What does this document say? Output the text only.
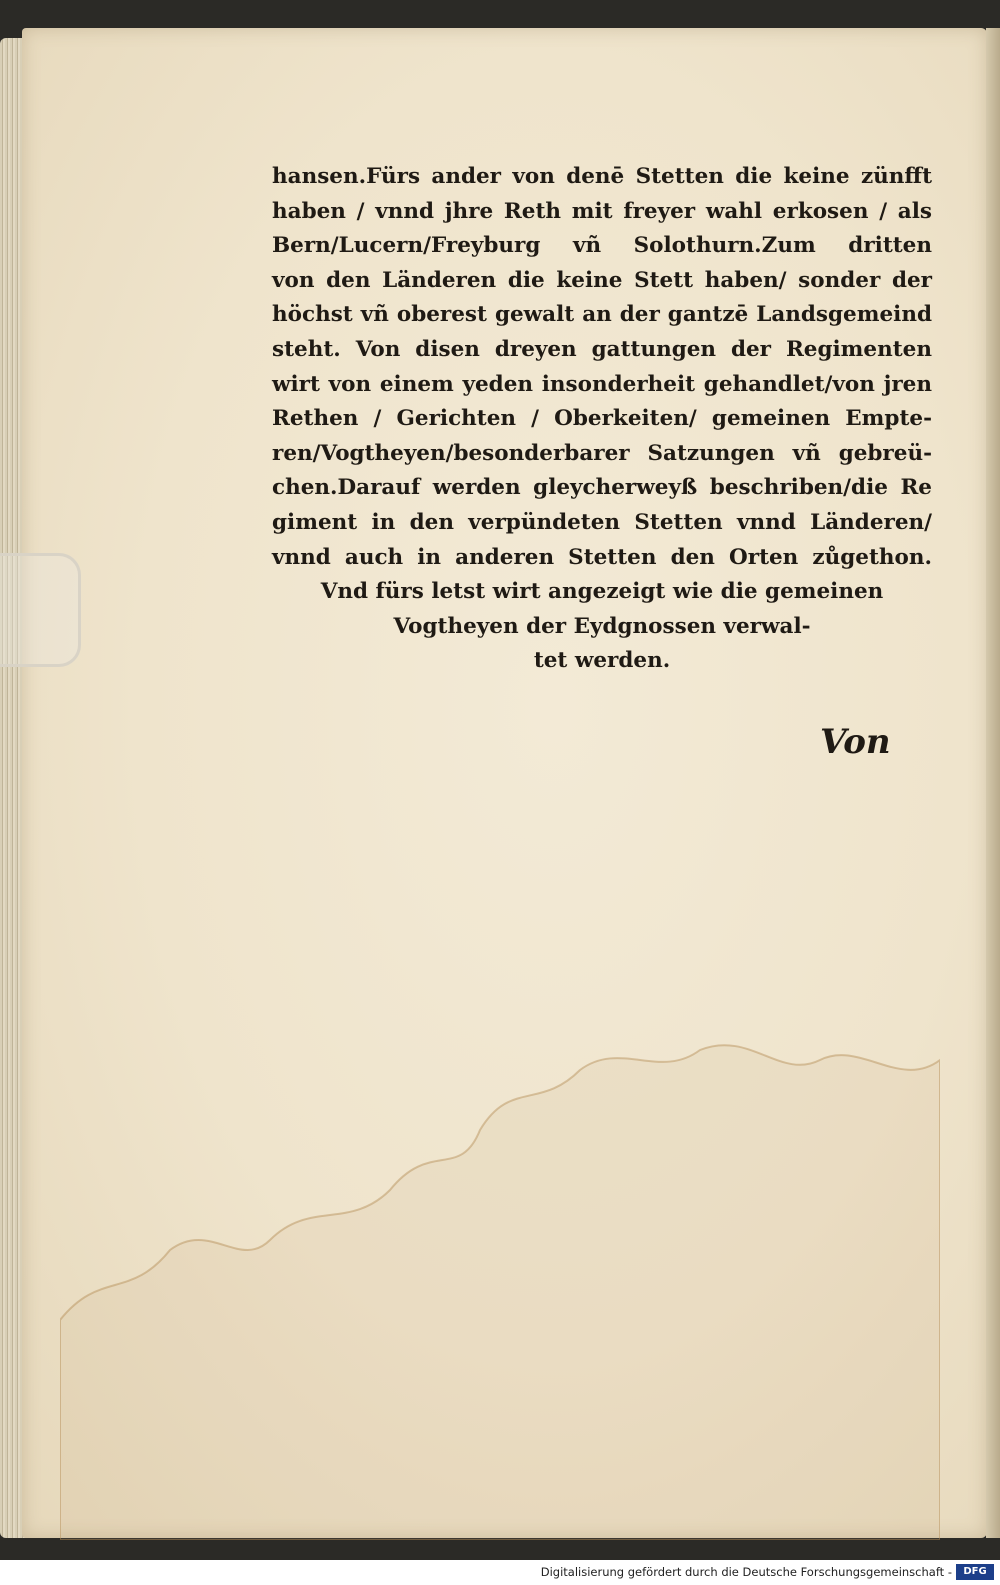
hansen.Fürs ander von denē Stetten die keine zünfft
haben / vnnd jhre Reth mit freyer wahl erkosen / als
Bern/Lucern/Freyburg vñ Solothurn.Zum dritten
von den Länderen die keine Stett haben/ sonder der
höchst vñ oberest gewalt an der gantzē Landsgemeind
steht. Von disen dreyen gattungen der Regimenten
wirt von einem yeden insonderheit gehandlet/von jren
Rethen / Gerichten / Oberkeiten/ gemeinen Empte-
ren/Vogtheyen/besonderbarer Satzungen vñ gebreü-
chen.Darauf werden gleycherweyß beschriben/die Re
giment in den verpündeten Stetten vnnd Länderen/
vnnd auch in anderen Stetten den Orten zůgethon.
Vnd fürs letst wirt angezeigt wie die gemeinen
Vogtheyen der Eydgnossen verwal-
tet werden.
Von
Digitalisierung gefördert durch die Deutsche Forschungsgemeinschaft -	DFG
